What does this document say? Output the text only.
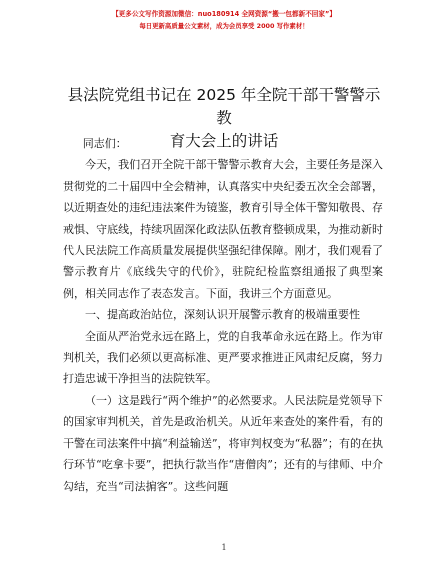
【更多公文写作资源加微信：nuo180914 全网资源“搬一包都新不回家”】
每日更新高质量公文素材，成为会员享受 2000 写作素材！
县法院党组书记在 2025 年全院干部干警警示教
育大会上的讲话

同志们：

今天，我们召开全院干部干警警示教育大会，主要任务是深入贯彻党的二十届四中全会精神，认真落实中央纪委五次全会部署，以近期查处的违纪违法案件为镜鉴，教育引导全体干警知敬畏、存戒惧、守底线，持续巩固深化政法队伍教育整顿成果，为推动新时代人民法院工作高质量发展提供坚强纪律保障。刚才，我们观看了警示教育片《底线失守的代价》，驻院纪检监察组通报了典型案例，相关同志作了表态发言。下面，我讲三个方面意见。

一、提高政治站位，深刻认识开展警示教育的极端重要性

全面从严治党永远在路上，党的自我革命永远在路上。作为审判机关，我们必须以更高标准、更严要求推进正风肃纪反腐，努力打造忠诚干净担当的法院铁军。

（一）这是践行“两个维护”的必然要求。人民法院是党领导下的国家审判机关，首先是政治机关。从近年来查处的案件看，有的干警在司法案件中搞“利益输送”，将审判权变为“私器”；有的在执行环节“吃拿卡要”，把执行款当作“唐僧肉”；还有的与律师、中介勾结，充当“司法掮客”。这些问题

1
